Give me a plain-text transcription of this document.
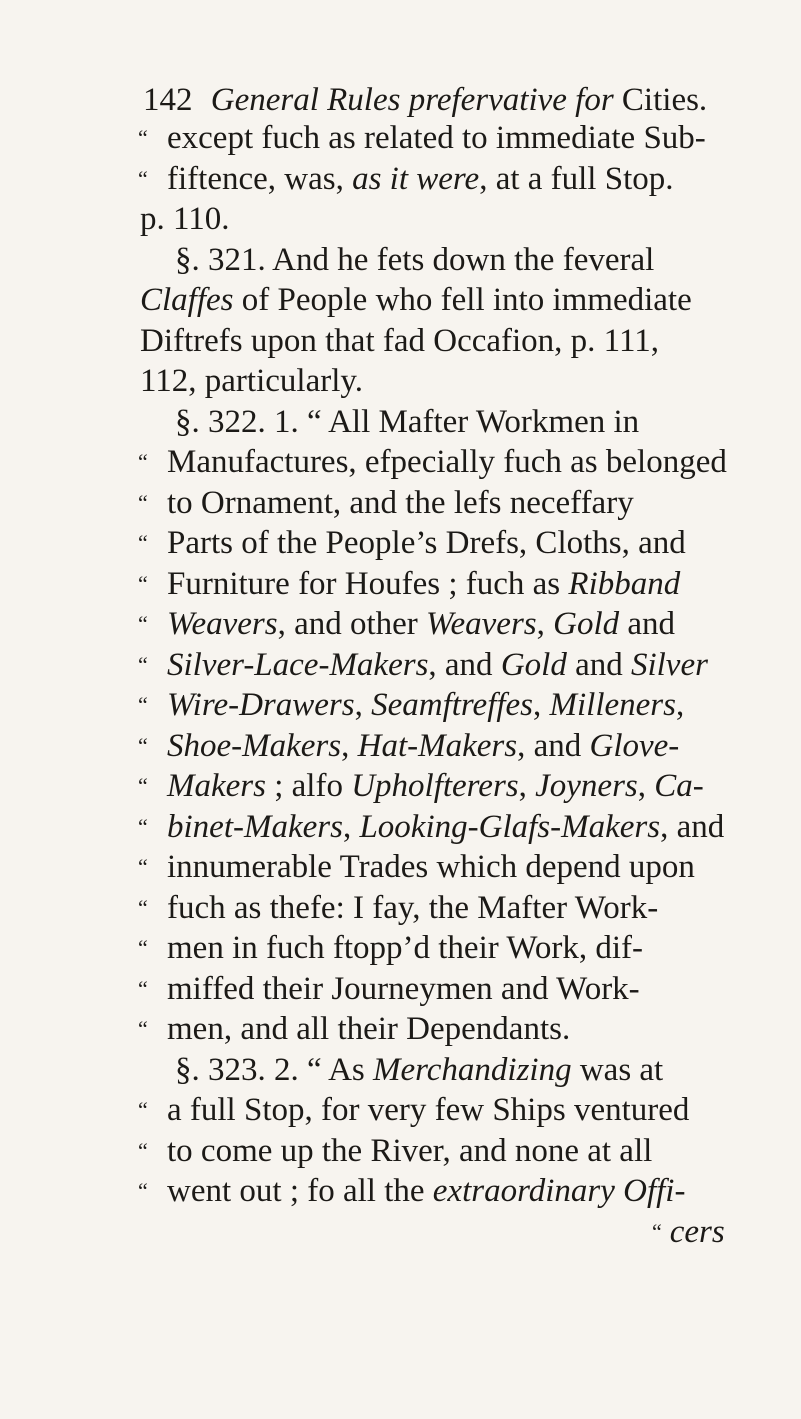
142 General Rules prefervative for Cities.
“ except fuch as related to immediate Sub-
“ fiftence, was, as it were, at a full Stop.
p. 110.
§. 321. And he fets down the feveral
Claffes of People who fell into immediate
Diftrefs upon that fad Occafion, p. 111,
112, particularly.
§. 322. 1. “ All Mafter Workmen in
“ Manufactures, efpecially fuch as belonged
“ to Ornament, and the lefs neceffary
“ Parts of the People’s Drefs, Cloths, and
“ Furniture for Houfes ; fuch as Ribband
“ Weavers, and other Weavers, Gold and
“ Silver-Lace-Makers, and Gold and Silver
“ Wire-Drawers, Seamftreffes, Milleners,
“ Shoe-Makers, Hat-Makers, and Glove-
“ Makers ; alfo Upholfterers, Joyners, Ca-
“ binet-Makers, Looking-Glafs-Makers, and
“ innumerable Trades which depend upon
“ fuch as thefe: I fay, the Mafter Work-
“ men in fuch ftopp’d their Work, dif-
“ miffed their Journeymen and Work-
“ men, and all their Dependants.
§. 323. 2. “ As Merchandizing was at
“ a full Stop, for very few Ships ventured
“ to come up the River, and none at all
“ went out ; fo all the extraordinary Offi-
“ cers
